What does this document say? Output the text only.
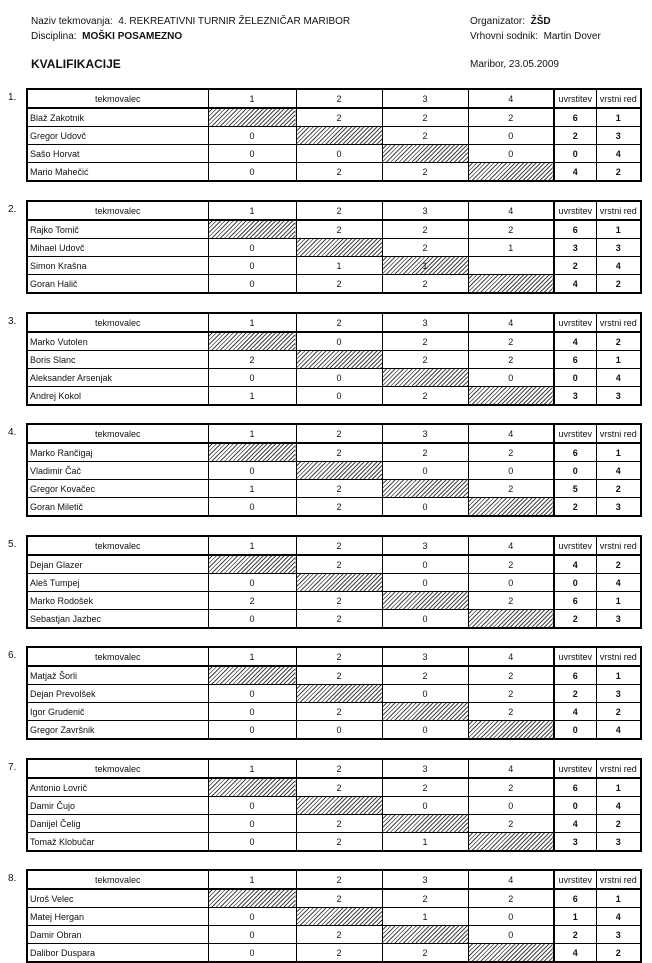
Naziv tekmovanja: 4. REKREATIVNI TURNIR ŽELEZNIČAR MARIBOR
Disciplina: MOŠKI POSAMEZNO
Organizator: ŽŠD
Vrhovni sodnik: Martin Dover
KVALIFIKACIJE	Maribor, 23.05.2009
1.	tekmovalec	1	2	3	4	uvrstitev	vrstni red
Blaž Zakotnik		2	2	2	6	1
Gregor Udovč	0		2	0	2	3
Sašo Horvat	0	0		0	0	4
Mario Mahečić	0	2	2		4	2
2.	tekmovalec	1	2	3	4	uvrstitev	vrstni red
Rajko Tomič		2	2	2	6	1
Mihael Udovč	0		2	1	3	3
Simon Krašna	0	1	1		2	4
Goran Halič	0	2	2		4	2
3.	tekmovalec	1	2	3	4	uvrstitev	vrstni red
Marko Vutolen		0	2	2	4	2
Boris Slanc	2		2	2	6	1
Aleksander Arsenjak	0	0		0	0	4
Andrej Kokol	1	0	2		3	3
4.	tekmovalec	1	2	3	4	uvrstitev	vrstni red
Marko Rančigaj		2	2	2	6	1
Vladimir Čač	0		0	0	0	4
Gregor Kovačec	1	2		2	5	2
Goran Miletič	0	2	0		2	3
5.	tekmovalec	1	2	3	4	uvrstitev	vrstni red
Dejan Glazer		2	0	2	4	2
Aleš Tumpej	0		0	0	0	4
Marko Rodošek	2	2		2	6	1
Sebastjan Jazbec	0	2	0		2	3
6.	tekmovalec	1	2	3	4	uvrstitev	vrstni red
Matjaž Šorli		2	2	2	6	1
Dejan Prevolšek	0		0	2	2	3
Igor Grudenič	0	2		2	4	2
Gregor Završnik	0	0	0		0	4
7.	tekmovalec	1	2	3	4	uvrstitev	vrstni red
Antonio Lovrič		2	2	2	6	1
Damir Čujo	0		0	0	0	4
Danijel Čelig	0	2		2	4	2
Tomaž Klobučar	0	2	1		3	3
8.	tekmovalec	1	2	3	4	uvrstitev	vrstni red
Uroš Velec		2	2	2	6	1
Matej Hergan	0		1	0	1	4
Damir Obran	0	2		0	2	3
Dalibor Duspara	0	2	2		4	2
